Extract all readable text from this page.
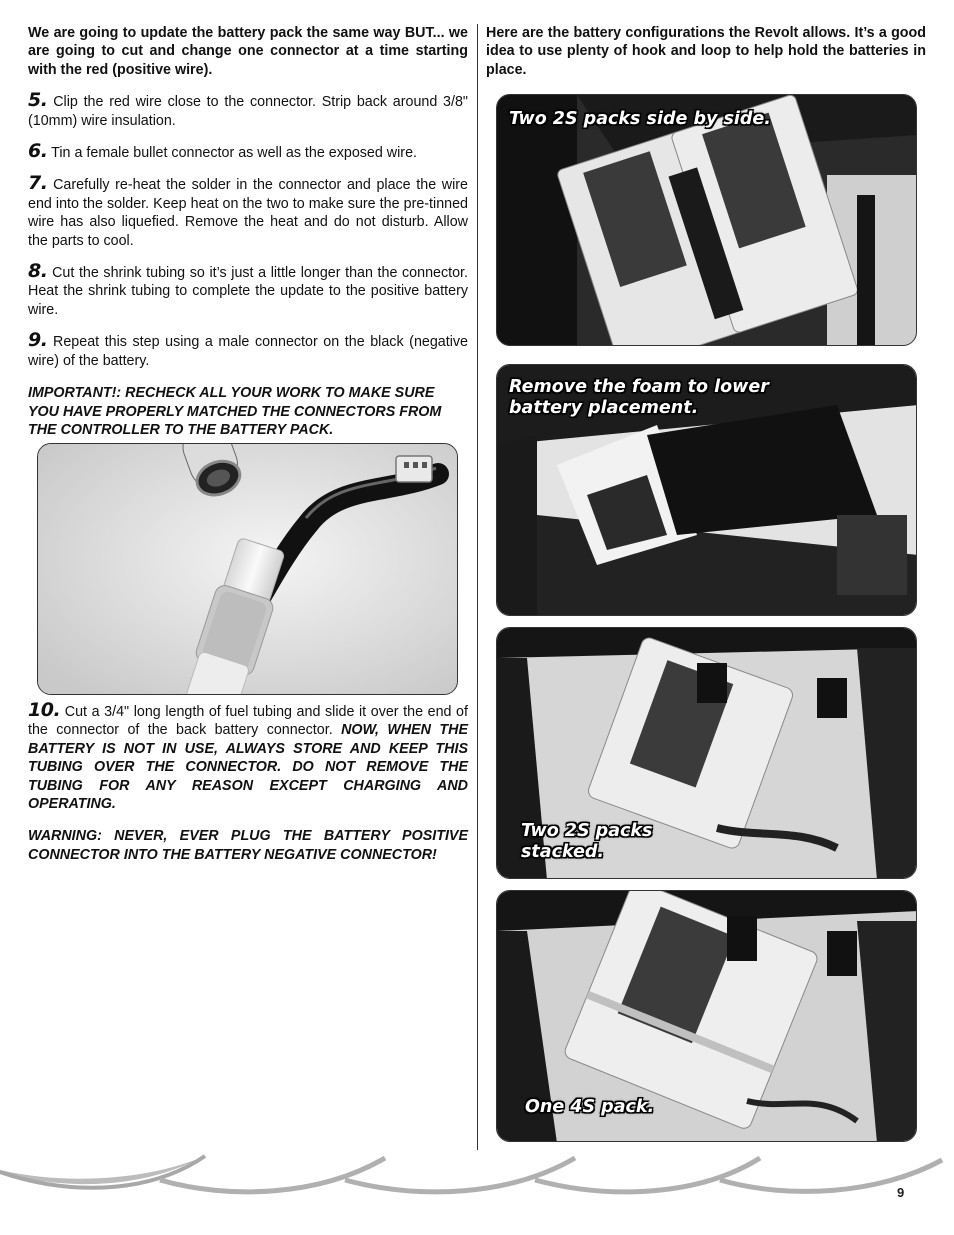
We are going to update the battery pack the same way BUT... we are going to cut and change one connector at a time starting with the red (positive wire).

5. Clip the red wire close to the connector. Strip back around 3/8" (10mm) wire insulation.

6. Tin a female bullet connector as well as the exposed wire.

7. Carefully re-heat the solder in the connector and place the wire end into the solder. Keep heat on the two to make sure the pre-tinned wire has also liquefied. Remove the heat and do not disturb. Allow the parts to cool.

8. Cut the shrink tubing so it’s just a little longer than the connector. Heat the shrink tubing to complete the update to the positive battery wire.

9. Repeat this step using a male connector on the black (negative wire) of the battery.

IMPORTANT!: RECHECK ALL YOUR WORK TO MAKE SURE YOU HAVE PROPERLY MATCHED THE CONNECTORS FROM THE CONTROLLER TO THE BATTERY PACK.

10. Cut a 3/4" long length of fuel tubing and slide it over the end of the connector of the back battery connector. NOW, WHEN THE BATTERY IS NOT IN USE, ALWAYS STORE AND KEEP THIS TUBING OVER THE CONNECTOR. DO NOT REMOVE THE TUBING FOR ANY REASON EXCEPT CHARGING AND OPERATING.

WARNING: NEVER, EVER PLUG THE BATTERY POSITIVE CONNECTOR INTO THE BATTERY NEGATIVE CONNECTOR!

Here are the battery configurations the Revolt allows. It’s a good idea to use plenty of hook and loop to help hold the batteries in place.

Two 2S packs side by side.
Remove the foam to lower
battery placement.
Two 2S packs
stacked.
One 4S pack.
9
